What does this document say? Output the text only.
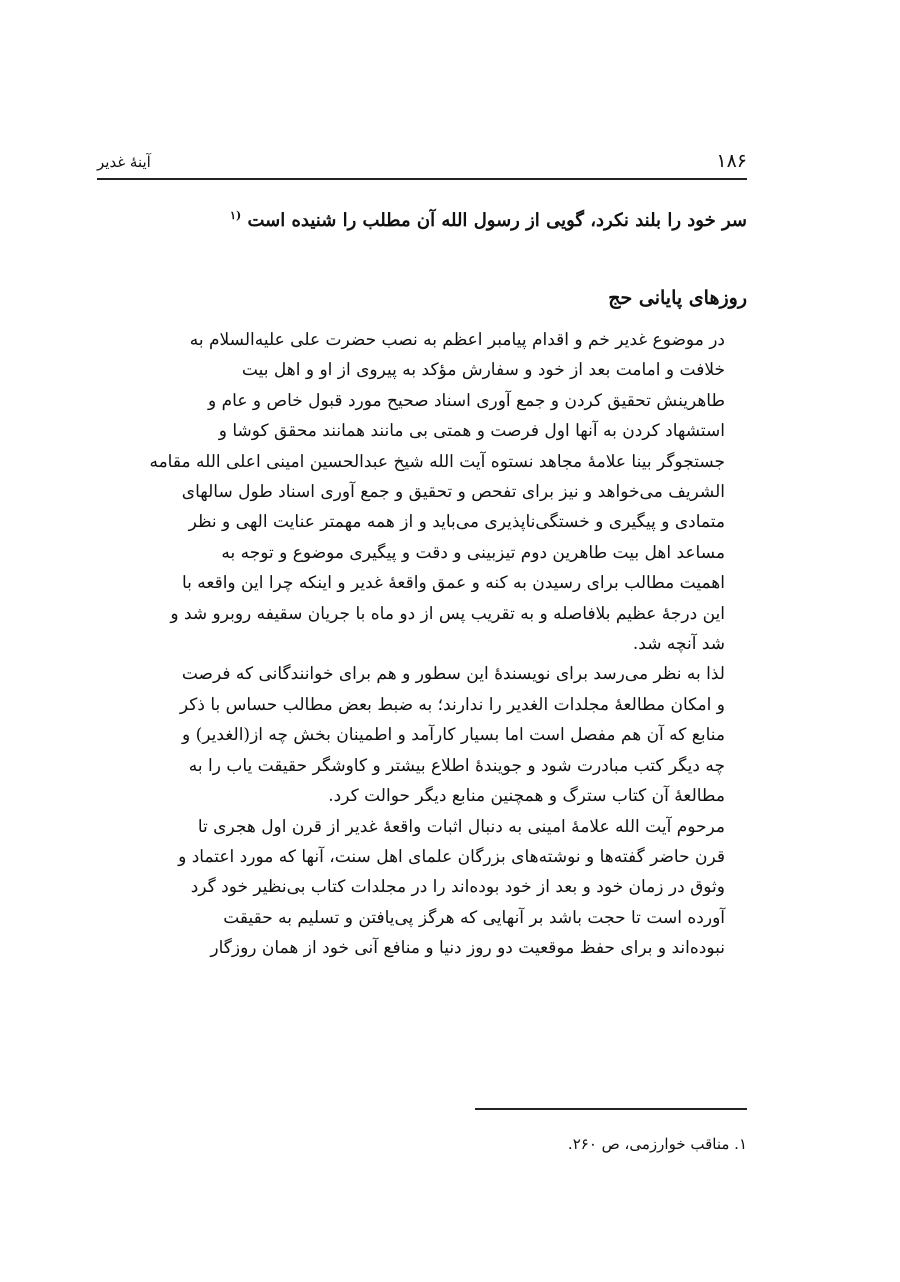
۱۸۶
آینهٔ غدیر
سر خود را بلند نکرد، گویی از رسول الله آن مطلب را شنیده است $^{(۱}$
روزهای پایانی حج

در موضوع غدیر خم و اقدام پیامبر اعظم به نصب حضرت علی علیه‌السلام به
خلافت و امامت بعد از خود و سفارش مؤکد به پیروی از او و اهل بیت
طاهرینش تحقیق کردن و جمع آوری اسناد صحیح مورد قبول خاص و عام و
استشهاد کردن به آنها اول فرصت و همتی بی مانند همانند محقق کوشا و
جستجوگر بینا علامهٔ مجاهد نستوه آیت الله شیخ عبدالحسین امینی اعلی الله مقامه
الشریف می‌خواهد و نیز برای تفحص و تحقیق و جمع آوری اسناد طول سالهای
متمادی و پیگیری و خستگی‌ناپذیری می‌باید و از همه مهمتر عنایت الهی و نظر
مساعد اهل بیت طاهرین دوم تیزبینی و دقت و پیگیری موضوع و توجه به
اهمیت مطالب برای رسیدن به کنه و عمق واقعهٔ غدیر و اینکه چرا این واقعه با
این درجهٔ عظیم بلافاصله و به تقریب پس از دو ماه با جریان سقیفه روبرو شد و
شد آنچه شد.

لذا به نظر می‌رسد برای نویسندهٔ این سطور و هم برای خوانندگانی که فرصت
و امکان مطالعهٔ مجلدات الغدیر را ندارند؛ به ضبط بعض مطالب حساس با ذکر
منابع که آن هم مفصل است اما بسیار کارآمد و اطمینان بخش چه از(الغدیر) و
چه دیگر کتب مبادرت شود و جویندهٔ اطلاع بیشتر و کاوشگر حقیقت یاب را به
مطالعهٔ آن کتاب سترگ و همچنین منابع دیگر حوالت کرد.

مرحوم آیت الله علامهٔ امینی به دنبال اثبات واقعهٔ غدیر از قرن اول هجری تا
قرن حاضر گفته‌ها و نوشته‌های بزرگان علمای اهل سنت، آنها که مورد اعتماد و
وثوق در زمان خود و بعد از خود بوده‌اند را در مجلدات کتاب بی‌نظیر خود گرد
آورده است تا حجت باشد بر آنهایی که هرگز پی‌یافتن و تسلیم به حقیقت
نبوده‌اند و برای حفظ موقعیت دو روز دنیا و منافع آنی خود از همان روزگار

۱. مناقب خوارزمی، ص ۲۶۰.
